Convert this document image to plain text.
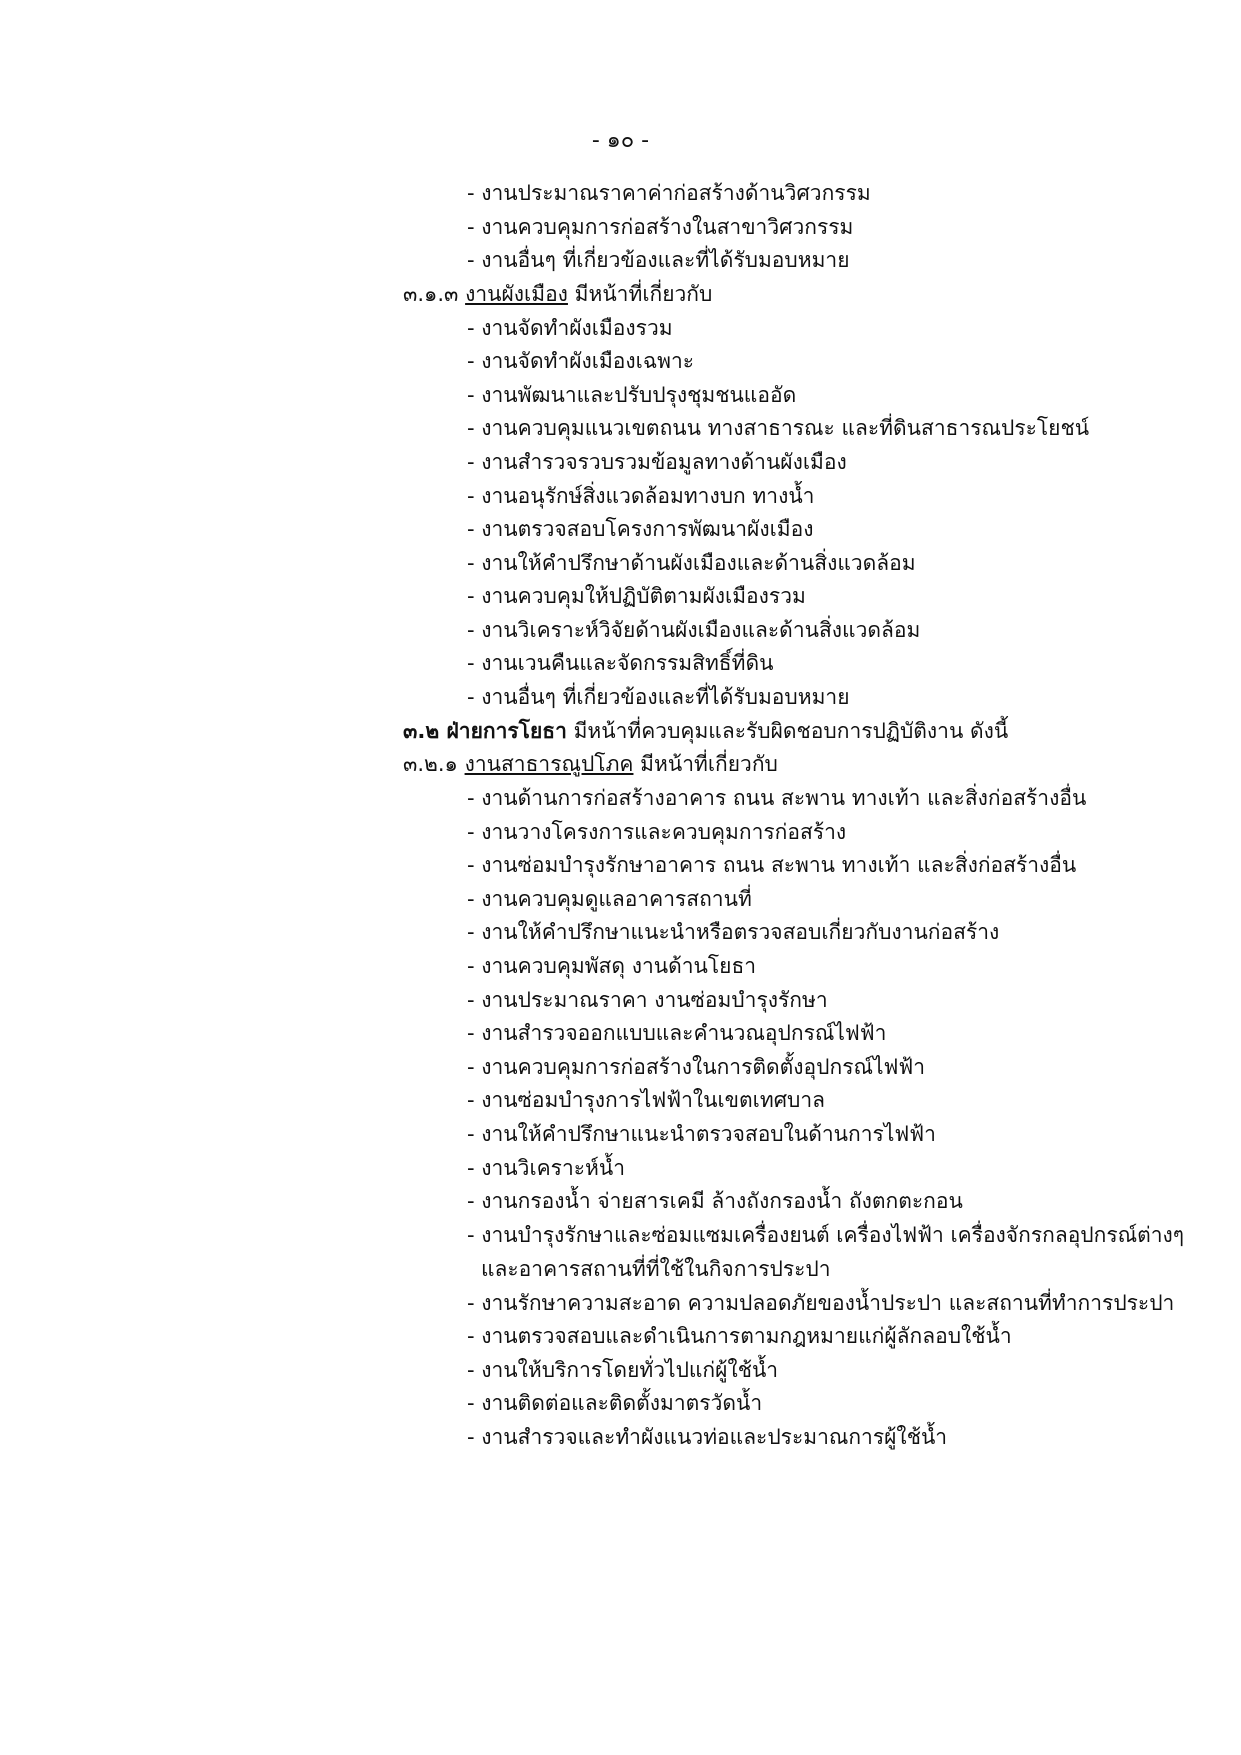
- ๑๐ -
- งานประมาณราคาค่าก่อสร้างด้านวิศวกรรม
- งานควบคุมการก่อสร้างในสาขาวิศวกรรม
- งานอื่นๆ ที่เกี่ยวข้องและที่ได้รับมอบหมาย
๓.๑.๓ งานผังเมือง มีหน้าที่เกี่ยวกับ
- งานจัดทำผังเมืองรวม
- งานจัดทำผังเมืองเฉพาะ
- งานพัฒนาและปรับปรุงชุมชนแออัด
- งานควบคุมแนวเขตถนน ทางสาธารณะ และที่ดินสาธารณประโยชน์
- งานสำรวจรวบรวมข้อมูลทางด้านผังเมือง
- งานอนุรักษ์สิ่งแวดล้อมทางบก ทางน้ำ
- งานตรวจสอบโครงการพัฒนาผังเมือง
- งานให้คำปรึกษาด้านผังเมืองและด้านสิ่งแวดล้อม
- งานควบคุมให้ปฏิบัติตามผังเมืองรวม
- งานวิเคราะห์วิจัยด้านผังเมืองและด้านสิ่งแวดล้อม
- งานเวนคืนและจัดกรรมสิทธิ์ที่ดิน
- งานอื่นๆ ที่เกี่ยวข้องและที่ได้รับมอบหมาย
๓.๒ ฝ่ายการโยธา มีหน้าที่ควบคุมและรับผิดชอบการปฏิบัติงาน ดังนี้
๓.๒.๑ งานสาธารณูปโภค มีหน้าที่เกี่ยวกับ
- งานด้านการก่อสร้างอาคาร ถนน สะพาน ทางเท้า และสิ่งก่อสร้างอื่น
- งานวางโครงการและควบคุมการก่อสร้าง
- งานซ่อมบำรุงรักษาอาคาร ถนน สะพาน ทางเท้า และสิ่งก่อสร้างอื่น
- งานควบคุมดูแลอาคารสถานที่
- งานให้คำปรึกษาแนะนำหรือตรวจสอบเกี่ยวกับงานก่อสร้าง
- งานควบคุมพัสดุ งานด้านโยธา
- งานประมาณราคา งานซ่อมบำรุงรักษา
- งานสำรวจออกแบบและคำนวณอุปกรณ์ไฟฟ้า
- งานควบคุมการก่อสร้างในการติดตั้งอุปกรณ์ไฟฟ้า
- งานซ่อมบำรุงการไฟฟ้าในเขตเทศบาล
- งานให้คำปรึกษาแนะนำตรวจสอบในด้านการไฟฟ้า
- งานวิเคราะห์น้ำ
- งานกรองน้ำ จ่ายสารเคมี ล้างถังกรองน้ำ ถังตกตะกอน
- งานบำรุงรักษาและซ่อมแซมเครื่องยนต์ เครื่องไฟฟ้า เครื่องจักรกลอุปกรณ์ต่างๆ
และอาคารสถานที่ที่ใช้ในกิจการประปา
- งานรักษาความสะอาด ความปลอดภัยของน้ำประปา และสถานที่ทำการประปา
- งานตรวจสอบและดำเนินการตามกฎหมายแก่ผู้ลักลอบใช้น้ำ
- งานให้บริการโดยทั่วไปแก่ผู้ใช้น้ำ
- งานติดต่อและติดตั้งมาตรวัดน้ำ
- งานสำรวจและทำผังแนวท่อและประมาณการผู้ใช้น้ำ
